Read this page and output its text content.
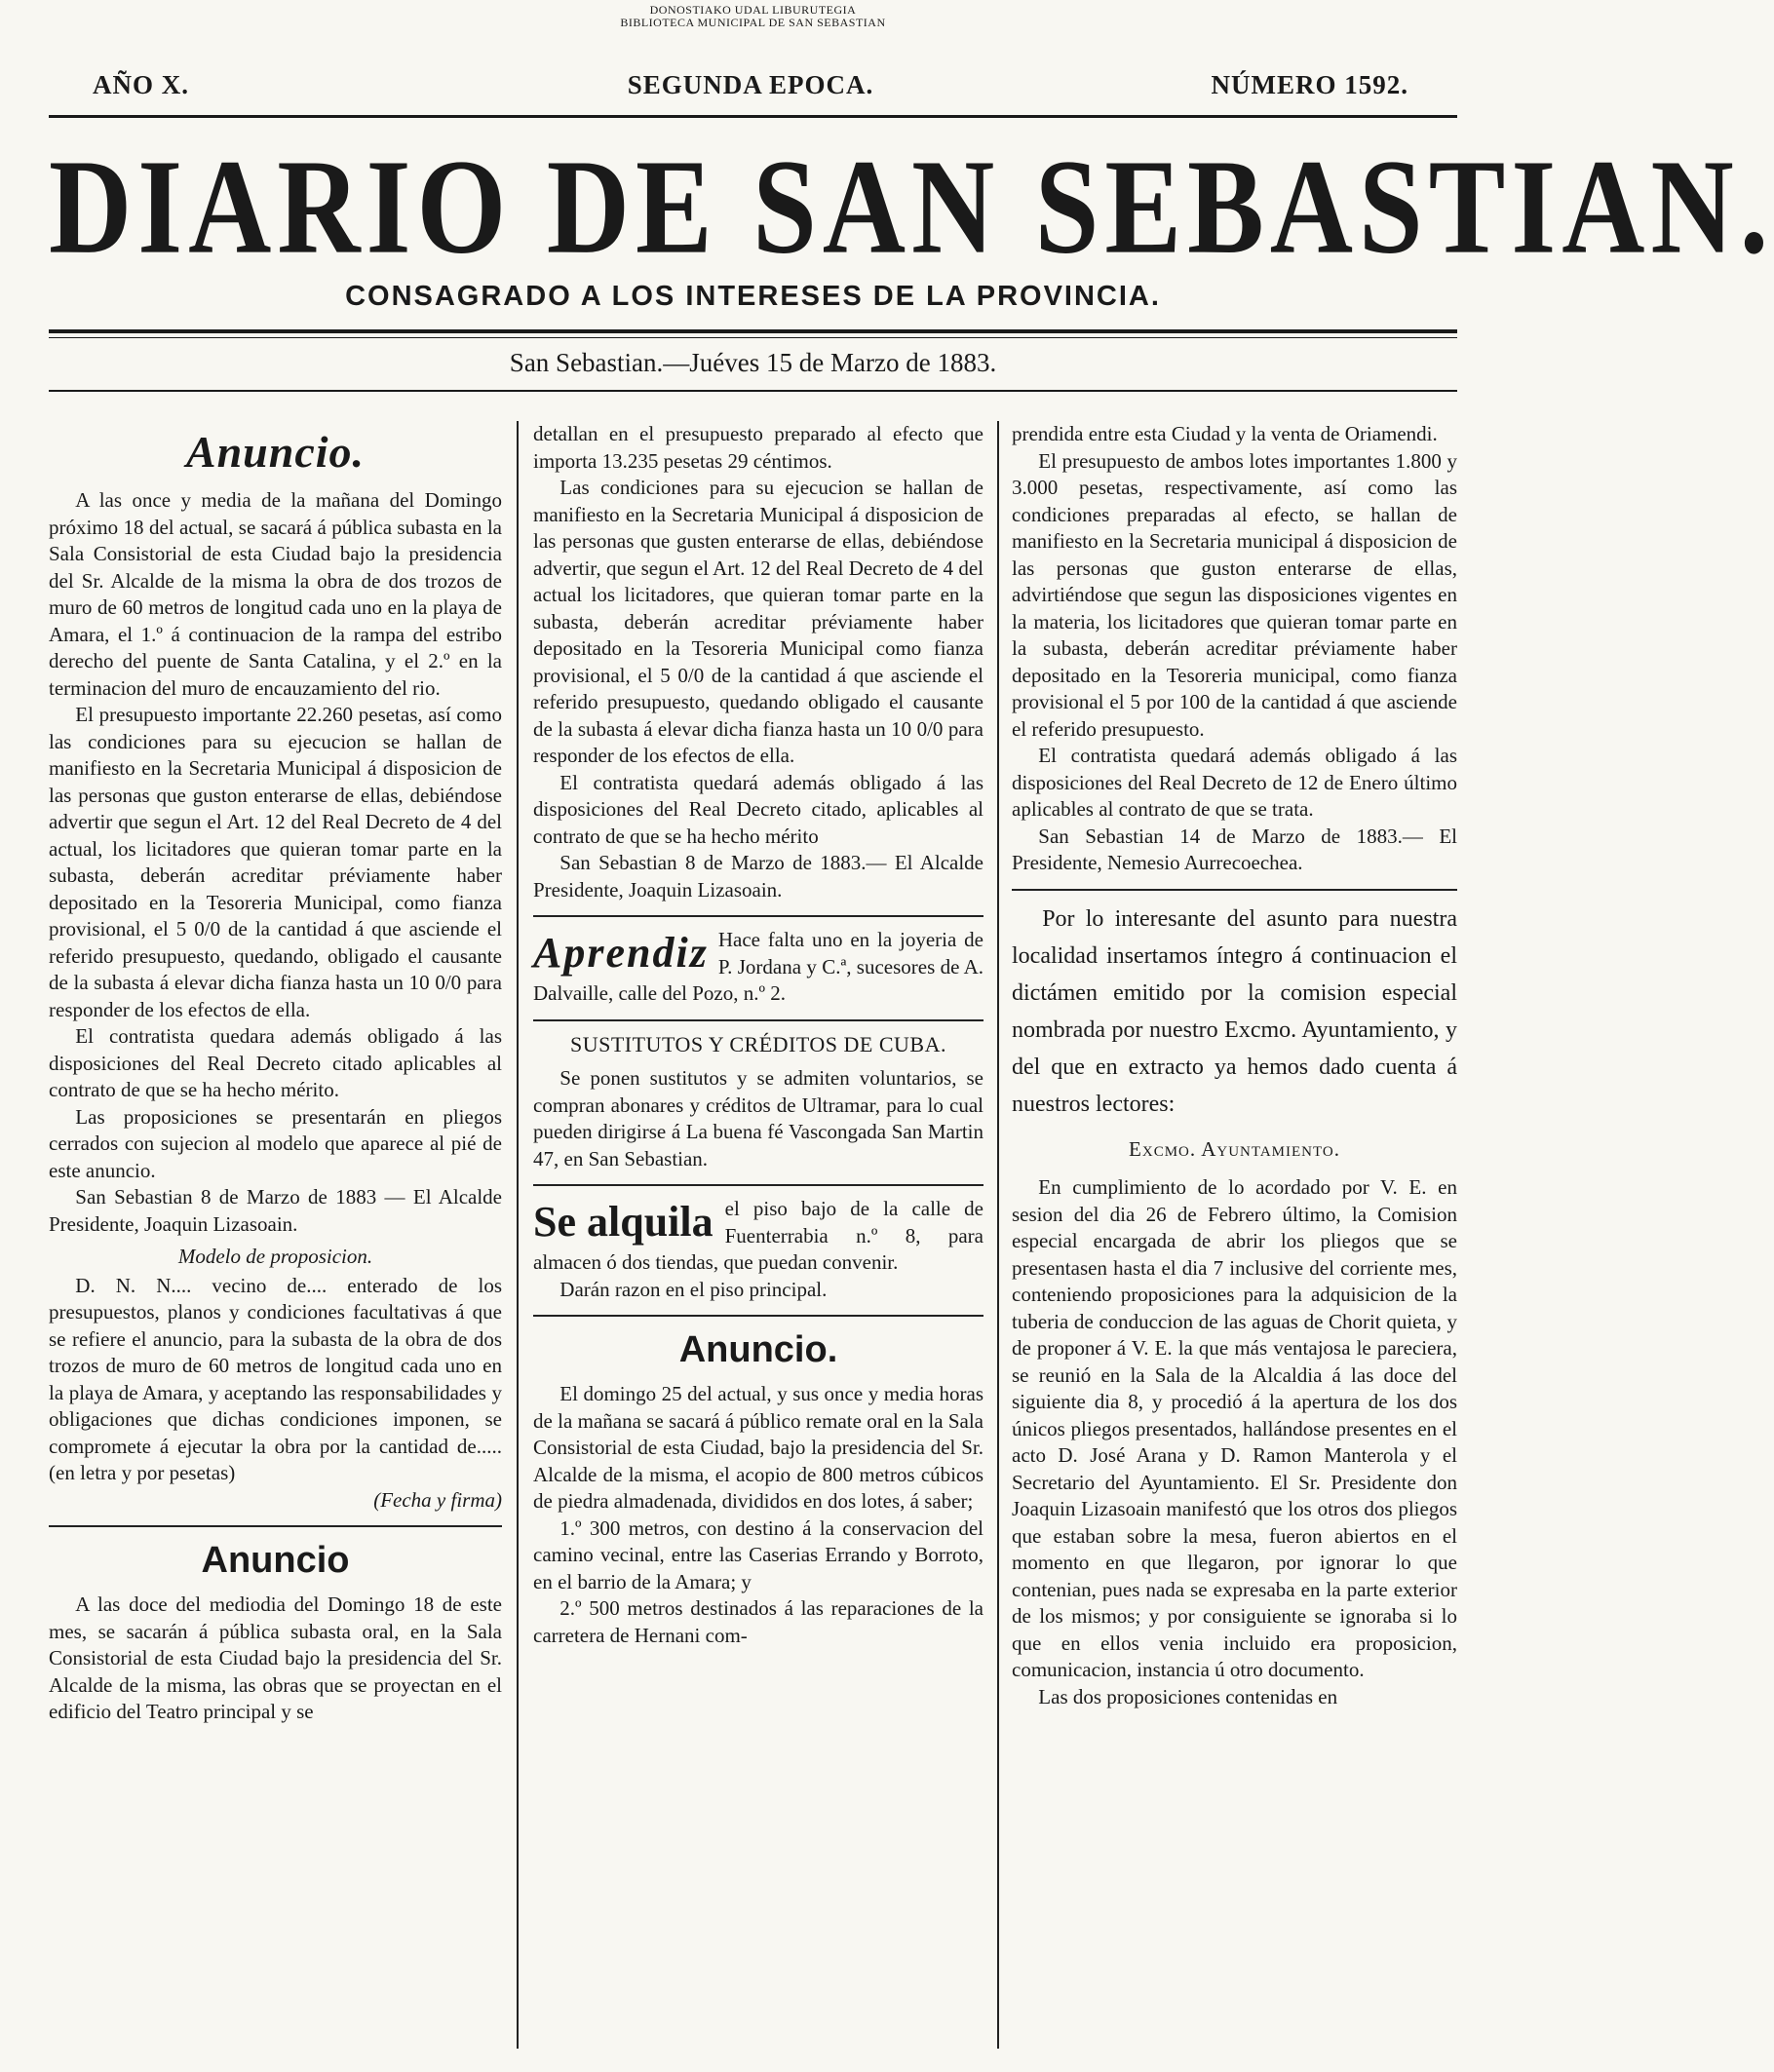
DONOSTIAKO UDAL LIBURUTEGIA
BIBLIOTECA MUNICIPAL DE SAN SEBASTIAN
AÑO X.	SEGUNDA EPOCA.	NÚMERO 1592.
DIARIO DE SAN SEBASTIAN.
CONSAGRADO A LOS INTERESES DE LA PROVINCIA.
San Sebastian.—Juéves 15 de Marzo de 1883.
Anuncio.

A las once y media de la mañana del Domingo próximo 18 del actual, se sacará á pública subasta en la Sala Consistorial de esta Ciudad bajo la presidencia del Sr. Alcalde de la misma la obra de dos trozos de muro de 60 metros de longitud cada uno en la playa de Amara, el 1.º á continuacion de la rampa del estribo derecho del puente de Santa Catalina, y el 2.º en la terminacion del muro de encauzamiento del rio.

El presupuesto importante 22.260 pesetas, así como las condiciones para su ejecucion se hallan de manifiesto en la Secretaria Municipal á disposicion de las personas que guston enterarse de ellas, debiéndose advertir que segun el Art. 12 del Real Decreto de 4 del actual, los licitadores que quieran tomar parte en la subasta, deberán acreditar préviamente haber depositado en la Tesoreria Municipal, como fianza provisional, el 5 0/0 de la cantidad á que asciende el referido presupuesto, quedando, obligado el causante de la subasta á elevar dicha fianza hasta un 10 0/0 para responder de los efectos de ella.

El contratista quedara además obligado á las disposiciones del Real Decreto citado aplicables al contrato de que se ha hecho mérito.

Las proposiciones se presentarán en pliegos cerrados con sujecion al modelo que aparece al pié de este anuncio.

San Sebastian 8 de Marzo de 1883 — El Alcalde Presidente, Joaquin Lizasoain.

Modelo de proposicion.

D. N. N.... vecino de.... enterado de los presupuestos, planos y condiciones facultativas á que se refiere el anuncio, para la subasta de la obra de dos trozos de muro de 60 metros de longitud cada uno en la playa de Amara, y aceptando las responsabilidades y obligaciones que dichas condiciones imponen, se compromete á ejecutar la obra por la cantidad de..... (en letra y por pesetas)

(Fecha y firma)

Anuncio

A las doce del mediodia del Domingo 18 de este mes, se sacarán á pública subasta oral, en la Sala Consistorial de esta Ciudad bajo la presidencia del Sr. Alcalde de la misma, las obras que se proyectan en el edificio del Teatro principal y se

detallan en el presupuesto preparado al efecto que importa 13.235 pesetas 29 céntimos.

Las condiciones para su ejecucion se hallan de manifiesto en la Secretaria Municipal á disposicion de las personas que gusten enterarse de ellas, debiéndose advertir, que segun el Art. 12 del Real Decreto de 4 del actual los licitadores, que quieran tomar parte en la subasta, deberán acreditar préviamente haber depositado en la Tesoreria Municipal como fianza provisional, el 5 0/0 de la cantidad á que asciende el referido presupuesto, quedando obligado el causante de la subasta á elevar dicha fianza hasta un 10 0/0 para responder de los efectos de ella.

El contratista quedará además obligado á las disposiciones del Real Decreto citado, aplicables al contrato de que se ha hecho mérito

San Sebastian 8 de Marzo de 1883.— El Alcalde Presidente, Joaquin Lizasoain.

Aprendiz Hace falta uno en la joyeria de P. Jordana y C.ª, sucesores de A. Dalvaille, calle del Pozo, n.º 2.

SUSTITUTOS Y CRÉDITOS DE CUBA.

Se ponen sustitutos y se admiten voluntarios, se compran abonares y créditos de Ultramar, para lo cual pueden dirigirse á La buena fé Vascongada San Martin 47, en San Sebastian.

Se alquila el piso bajo de la calle de Fuenterrabia n.º 8, para almacen ó dos tiendas, que puedan convenir.

Darán razon en el piso principal.

Anuncio.

El domingo 25 del actual, y sus once y media horas de la mañana se sacará á público remate oral en la Sala Consistorial de esta Ciudad, bajo la presidencia del Sr. Alcalde de la misma, el acopio de 800 metros cúbicos de piedra almadenada, divididos en dos lotes, á saber;

1.º 300 metros, con destino á la conservacion del camino vecinal, entre las Caserias Errando y Borroto, en el barrio de la Amara; y

2.º 500 metros destinados á las reparaciones de la carretera de Hernani com-

prendida entre esta Ciudad y la venta de Oriamendi.

El presupuesto de ambos lotes importantes 1.800 y 3.000 pesetas, respectivamente, así como las condiciones preparadas al efecto, se hallan de manifiesto en la Secretaria municipal á disposicion de las personas que guston enterarse de ellas, advirtiéndose que segun las disposiciones vigentes en la materia, los licitadores que quieran tomar parte en la subasta, deberán acreditar préviamente haber depositado en la Tesoreria municipal, como fianza provisional el 5 por 100 de la cantidad á que asciende el referido presupuesto.

El contratista quedará además obligado á las disposiciones del Real Decreto de 12 de Enero último aplicables al contrato de que se trata.

San Sebastian 14 de Marzo de 1883.— El Presidente, Nemesio Aurrecoechea.

Por lo interesante del asunto para nuestra localidad insertamos íntegro á continuacion el dictámen emitido por la comision especial nombrada por nuestro Excmo. Ayuntamiento, y del que en extracto ya hemos dado cuenta á nuestros lectores:

Excmo. Ayuntamiento.

En cumplimiento de lo acordado por V. E. en sesion del dia 26 de Febrero último, la Comision especial encargada de abrir los pliegos que se presentasen hasta el dia 7 inclusive del corriente mes, conteniendo proposiciones para la adquisicion de la tuberia de conduccion de las aguas de Chorit quieta, y de proponer á V. E. la que más ventajosa le pareciera, se reunió en la Sala de la Alcaldia á las doce del siguiente dia 8, y procedió á la apertura de los dos únicos pliegos presentados, hallándose presentes en el acto D. José Arana y D. Ramon Manterola y el Secretario del Ayuntamiento. El Sr. Presidente don Joaquin Lizasoain manifestó que los otros dos pliegos que estaban sobre la mesa, fueron abiertos en el momento en que llegaron, por ignorar lo que contenian, pues nada se expresaba en la parte exterior de los mismos; y por consiguiente se ignoraba si lo que en ellos venia incluido era proposicion, comunicacion, instancia ú otro documento.

Las dos proposiciones contenidas en
